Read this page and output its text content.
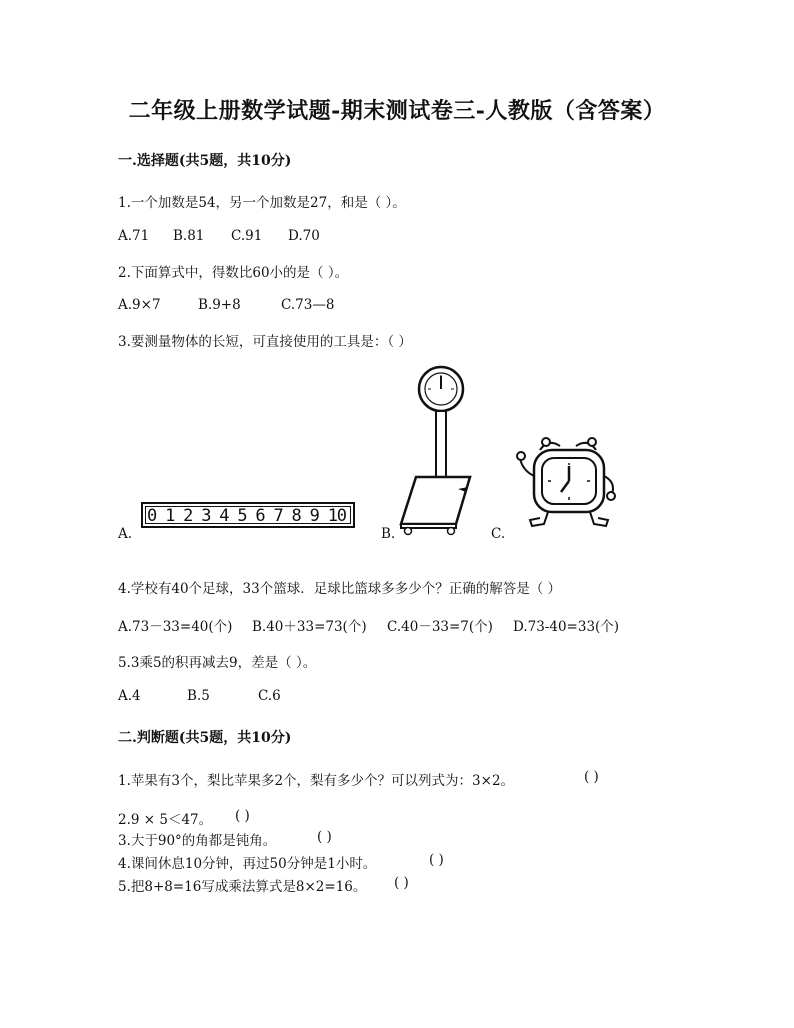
二年级上册数学试题-期末测试卷三-人教版（含答案）
一.选择题(共5题，共10分)
1.一个加数是54，另一个加数是27，和是（ ）。
A.71 B.81 C.91 D.70
2.下面算式中，得数比60小的是（ ）。
A.9×7	B.9+8	C.73—8
3.要测量物体的长短，可直接使用的工具是：（ ）
A.
0 1 2 3 4 5 6 7 8 9 10
B.	C.
4.学校有40个足球，33个篮球．足球比篮球多多少个？正确的解答是（ ）
A.73－33=40(个) B.40＋33=73(个) C.40－33=7(个) D.73-40=33(个)
5.3乘5的积再减去9，差是（ ）。
A.4	B.5	C.6
二.判断题(共5题，共10分)
1.苹果有3个，梨比苹果多2个，梨有多少个？可以列式为：3×2。	( )
2.9 × 5＜47。 ( )
3.大于90°的角都是钝角。	( )
4.课间休息10分钟，再过50分钟是1小时。	( )
5.把8+8=16写成乘法算式是8×2=16。 ( )
